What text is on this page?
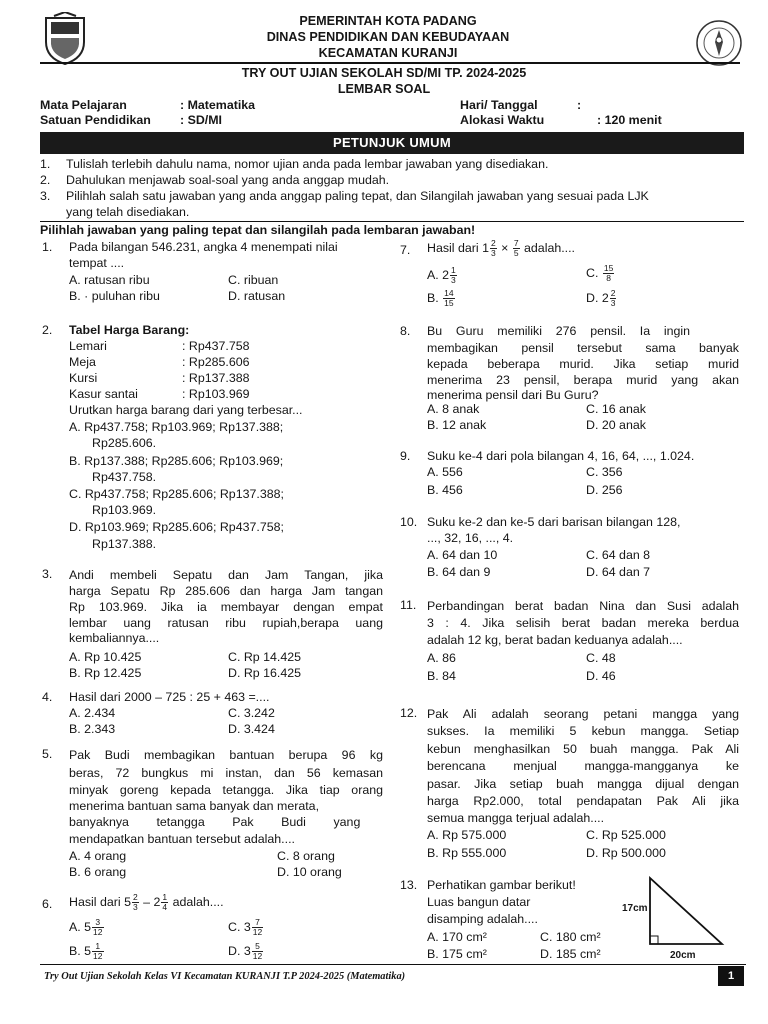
PEMERINTAH KOTA PADANG
DINAS PENDIDIKAN DAN KEBUDAYAAN
KECAMATAN KURANJI
TRY OUT UJIAN SEKOLAH SD/MI TP. 2024-2025
LEMBAR SOAL
Mata Pelajaran	: Matematika
Satuan Pendidikan : SD/MI
Hari/ Tanggal	:
Alokasi Waktu	: 120 menit
PETUNJUK UMUM
1. Tulislah terlebih dahulu nama, nomor ujian anda pada lembar jawaban yang disediakan.
2. Dahulukan menjawab soal-soal yang anda anggap mudah.
3. Pilihlah salah satu jawaban yang anda anggap paling tepat, dan Silangilah jawaban yang sesuai pada LJK
yang telah disediakan.
Pilihlah jawaban yang paling tepat dan silangilah pada lembaran jawaban!
1. Pada bilangan 546.231, angka 4 menempati nilai
tempat ....
A. ratusan ribu
B. · puluhan ribu
C. ribuan
D. ratusan
2. Tabel Harga Barang:
Lemari	: Rp437.758
Meja	: Rp285.606
Kursi	: Rp137.388
Kasur santai	: Rp103.969
Urutkan harga barang dari yang terbesar...
A. Rp437.758; Rp103.969; Rp137.388;
Rp285.606.
B. Rp137.388; Rp285.606; Rp103.969;
Rp437.758.
C. Rp437.758; Rp285.606; Rp137.388;
Rp103.969.
D. Rp103.969; Rp285.606; Rp437.758;
Rp137.388.
3. Andi membeli Sepatu dan Jam Tangan, jika
harga Sepatu Rp 285.606 dan harga Jam tangan
Rp 103.969. Jika ia membayar dengan empat
lembar uang ratusan ribu rupiah,berapa uang
kembaliannya....
A. Rp 10.425
B. Rp 12.425
C. Rp 14.425
D. Rp 16.425
4. Hasil dari 2000 – 725 : 25 + 463 =....
A. 2.434
B. 2.343
C. 3.242
D. 3.424
5. Pak Budi membagikan bantuan berupa 96 kg
beras, 72 bungkus mi instan, dan 56 kemasan
minyak goreng kepada tetangga. Jika tiap orang
menerima bantuan sama banyak dan merata,
banyaknya        tetangga        Pak        Budi        yang
mendapatkan bantuan tersebut adalah....
A. 4 orang
B. 6 orang
C. 8 orang
D. 10 orang
6. Hasil dari $5 \frac{2}{3} - 2 \frac{1}{4}$ adalah....
A. $5 \frac{3}{12}$
B. $5 \frac{1}{12}$
C. $3 \frac{7}{12}$
D. $3 \frac{5}{12}$
7. Hasil dari $1 \frac{2}{3} \times \frac{7}{5}$ adalah....
A. $2 \frac{1}{3}$
B. $\frac{14}{15}$
C. $\frac{15}{8}$
D. $2 \frac{2}{3}$
8. Bu    Guru    memiliki    276    pensil.    Ia    ingin
membagikan pensil tersebut sama banyak
kepada beberapa murid. Jika setiap murid
menerima 23 pensil, berapa murid yang akan
menerima pensil dari Bu Guru?
A. 8 anak
B. 12 anak
C. 16 anak
D. 20 anak
9. Suku ke-4 dari pola bilangan 4, 16, 64, ..., 1.024.
A. 556
B. 456
C. 356
D. 256
10. Suku ke-2 dan ke-5 dari barisan bilangan 128,
..., 32, 16, ..., 4.
A. 64 dan 10
B. 64 dan 9
C. 64 dan 8
D. 64 dan 7
11. Perbandingan berat badan Nina dan Susi adalah
3 : 4. Jika selisih berat badan mereka berdua
adalah 12 kg, berat badan keduanya adalah....
A. 86
B. 84
C. 48
D. 46
12. Pak Ali adalah seorang petani mangga yang
sukses. Ia memiliki 5 kebun mangga. Setiap
kebun menghasilkan 50 buah mangga. Pak Ali
berencana menjual mangga-mangganya ke
pasar. Jika setiap buah mangga dijual dengan
harga Rp2.000, total pendapatan Pak Ali jika
semua mangga terjual adalah....
A. Rp 575.000
B. Rp 555.000
C. Rp 525.000
D. Rp 500.000
13. Perhatikan gambar berikut!
Luas bangun datar
disamping adalah....
A. 170 cm²
B. 175 cm²
C. 180 cm²
D. 185 cm²
17cm
20cm
Try Out Ujian Sekolah Kelas VI Kecamatan KURANJI T.P 2024-2025 (Matematika)	1
